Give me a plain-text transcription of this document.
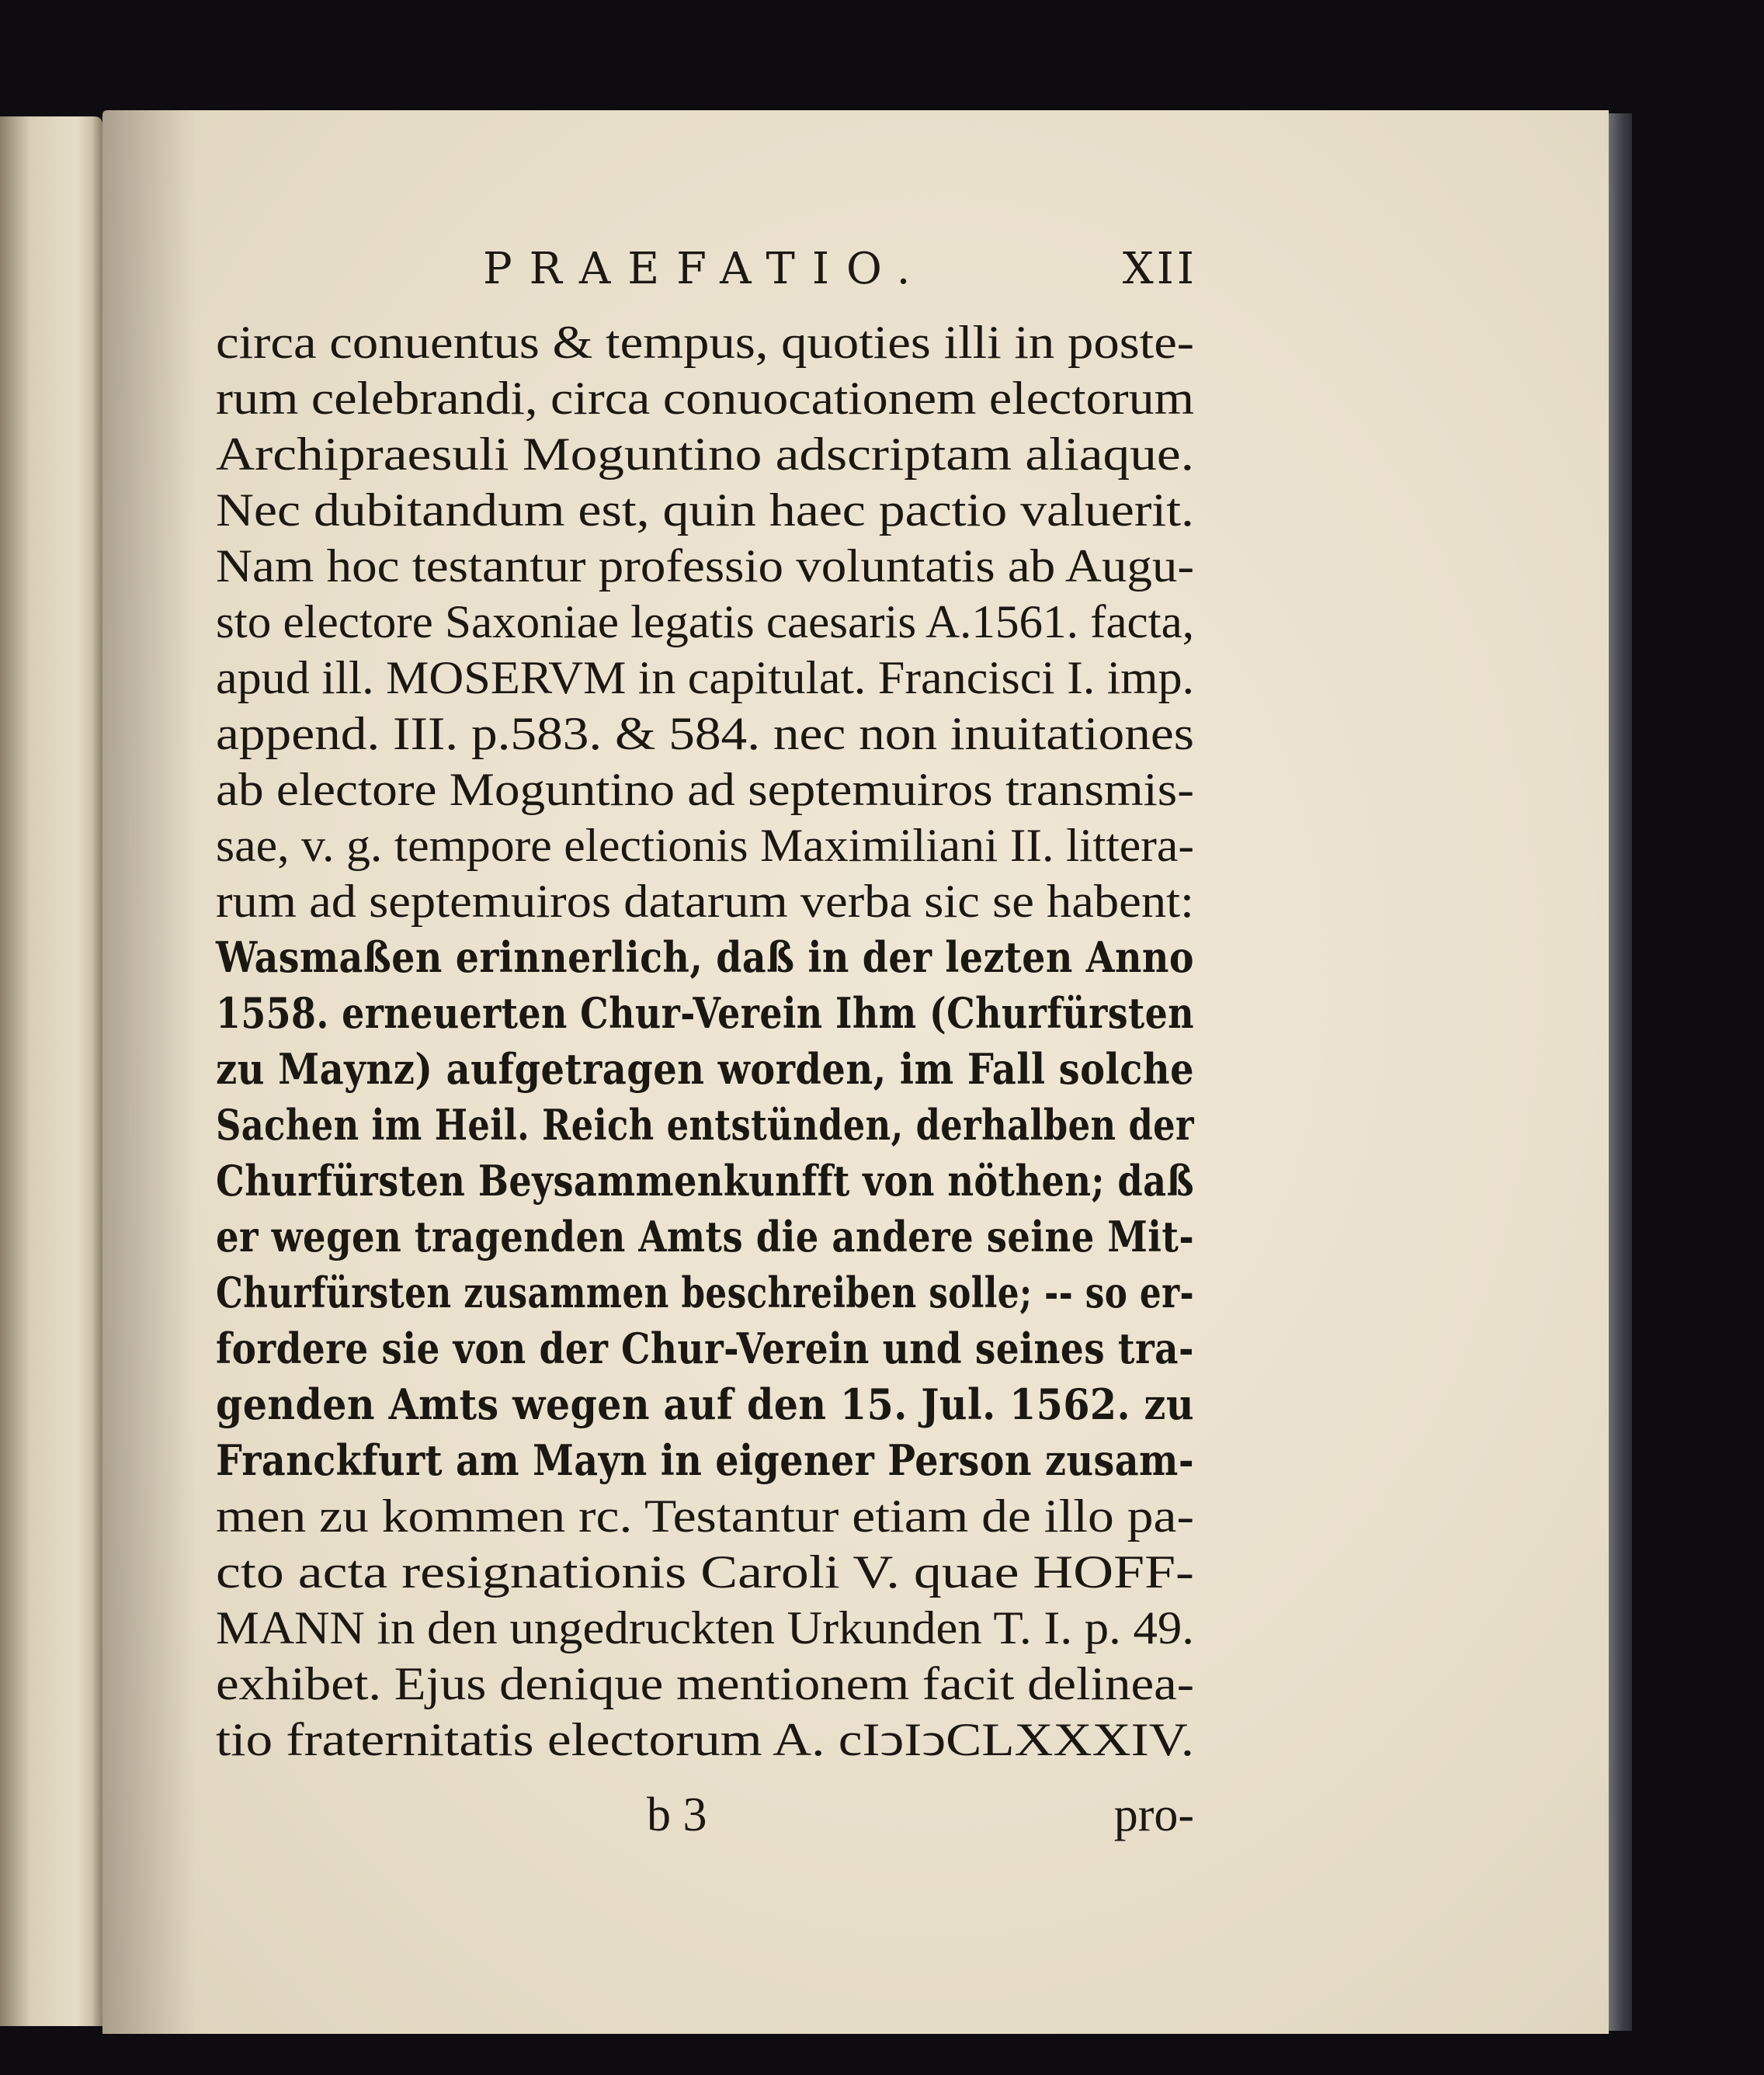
PRAEFATIO.	XII
circa conuentus & tempus, quoties illi in poste-
rum celebrandi, circa conuocationem electorum
Archipraesuli Moguntino adscriptam aliaque.
Nec dubitandum est, quin haec pactio valuerit.
Nam hoc testantur professio voluntatis ab Augu-
sto electore Saxoniae legatis caesaris A.1561. facta,
apud ill. MOSERVM in capitulat. Francisci I. imp.
append. III. p.583. & 584. nec non inuitationes
ab electore Moguntino ad septemuiros transmis-
sae, v. g. tempore electionis Maximiliani II. littera-
rum ad septemuiros datarum verba sic se habent:
Wasmaßen erinnerlich, daß in der lezten Anno
1558. erneuerten Chur-Verein Ihm (Churfürsten
zu Maynz) aufgetragen worden, im Fall solche
Sachen im Heil. Reich entstünden, derhalben der
Churfürsten Beysammenkunfft von nöthen; daß
er wegen tragenden Amts die andere seine Mit-
Churfürsten zusammen beschreiben solle; -- so er-
fordere sie von der Chur-Verein und seines tra-
genden Amts wegen auf den 15. Jul. 1562. zu
Franckfurt am Mayn in eigener Person zusam-
men zu kommen rc. Testantur etiam de illo pa-
cto acta resignationis Caroli V. quae HOFF-
MANN in den ungedruckten Urkunden T. I. p. 49.
exhibet. Ejus denique mentionem facit delinea-
tio fraternitatis electorum A. cIↄIↄCLXXXIV.
b 3	pro-
